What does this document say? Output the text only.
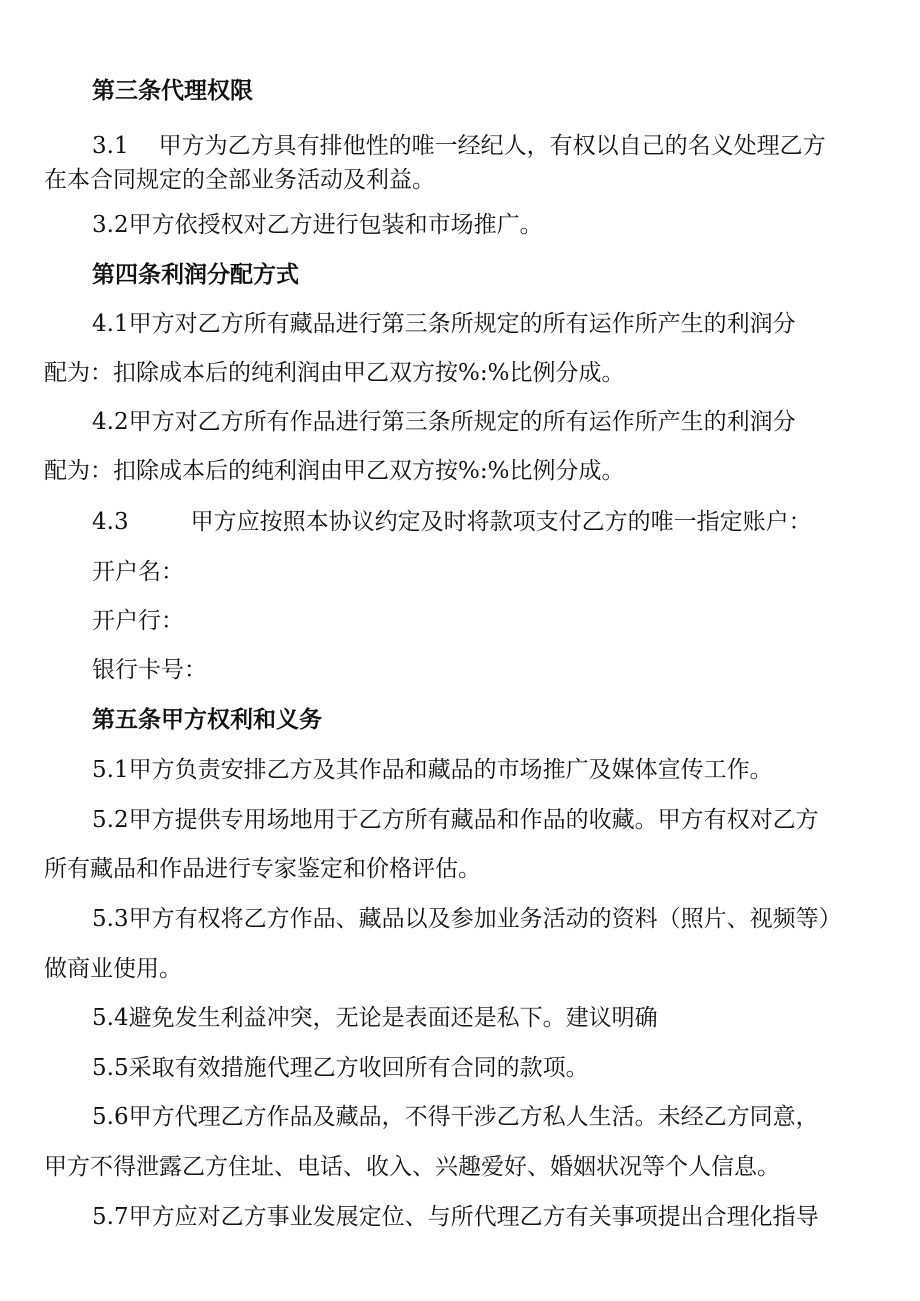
第三条代理权限
3.1 甲方为乙方具有排他性的唯一经纪人，有权以自己的名义处理乙方
在本合同规定的全部业务活动及利益。
3.2甲方依授权对乙方进行包装和市场推广。
第四条利润分配方式
4.1甲方对乙方所有藏品进行第三条所规定的所有运作所产生的利润分
配为：扣除成本后的纯利润由甲乙双方按%:%比例分成。
4.2甲方对乙方所有作品进行第三条所规定的所有运作所产生的利润分
配为：扣除成本后的纯利润由甲乙双方按%:%比例分成。
4.3	甲方应按照本协议约定及时将款项支付乙方的唯一指定账户：
开户名：
开户行：
银行卡号：
第五条甲方权利和义务
5.1甲方负责安排乙方及其作品和藏品的市场推广及媒体宣传工作。
5.2甲方提供专用场地用于乙方所有藏品和作品的收藏。甲方有权对乙方
所有藏品和作品进行专家鉴定和价格评估。
5.3甲方有权将乙方作品、藏品以及参加业务活动的资料（照片、视频等）
做商业使用。
5.4避免发生利益冲突，无论是表面还是私下。建议明确
5.5采取有效措施代理乙方收回所有合同的款项。
5.6甲方代理乙方作品及藏品，不得干涉乙方私人生活。未经乙方同意，
甲方不得泄露乙方住址、电话、收入、兴趣爱好、婚姻状况等个人信息。
5.7甲方应对乙方事业发展定位、与所代理乙方有关事项提出合理化指导
